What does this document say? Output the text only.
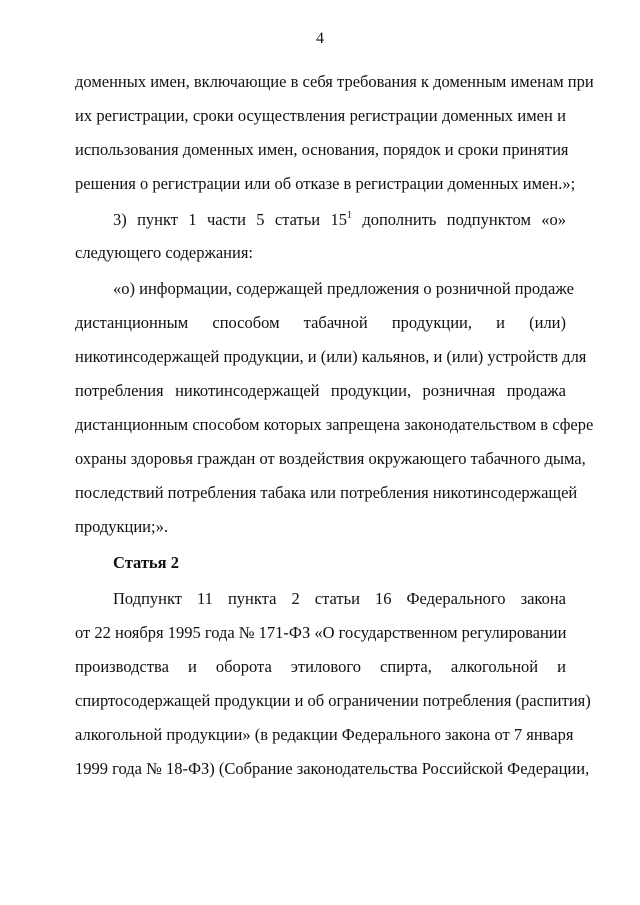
4
доменных имен, включающие в себя требования к доменным именам при
их регистрации, сроки осуществления регистрации доменных имен и
использования доменных имен, основания, порядок и сроки принятия
решения о регистрации или об отказе в регистрации доменных имен.»;
3) пункт 1 части 5 статьи $15^1$ дополнить подпунктом «о»
следующего содержания:
«о) информации, содержащей предложения о розничной продаже
дистанционным способом табачной продукции, и (или)
никотинсодержащей продукции, и (или) кальянов, и (или) устройств для
потребления никотинсодержащей продукции, розничная продажа
дистанционным способом которых запрещена законодательством в сфере
охраны здоровья граждан от воздействия окружающего табачного дыма,
последствий потребления табака или потребления никотинсодержащей
продукции;».
Статья 2
Подпункт 11 пункта 2 статьи 16 Федерального закона
от 22 ноября 1995 года № 171-ФЗ «О государственном регулировании
производства и оборота этилового спирта, алкогольной и
спиртосодержащей продукции и об ограничении потребления (распития)
алкогольной продукции» (в редакции Федерального закона от 7 января
1999 года № 18-ФЗ) (Собрание законодательства Российской Федерации,
